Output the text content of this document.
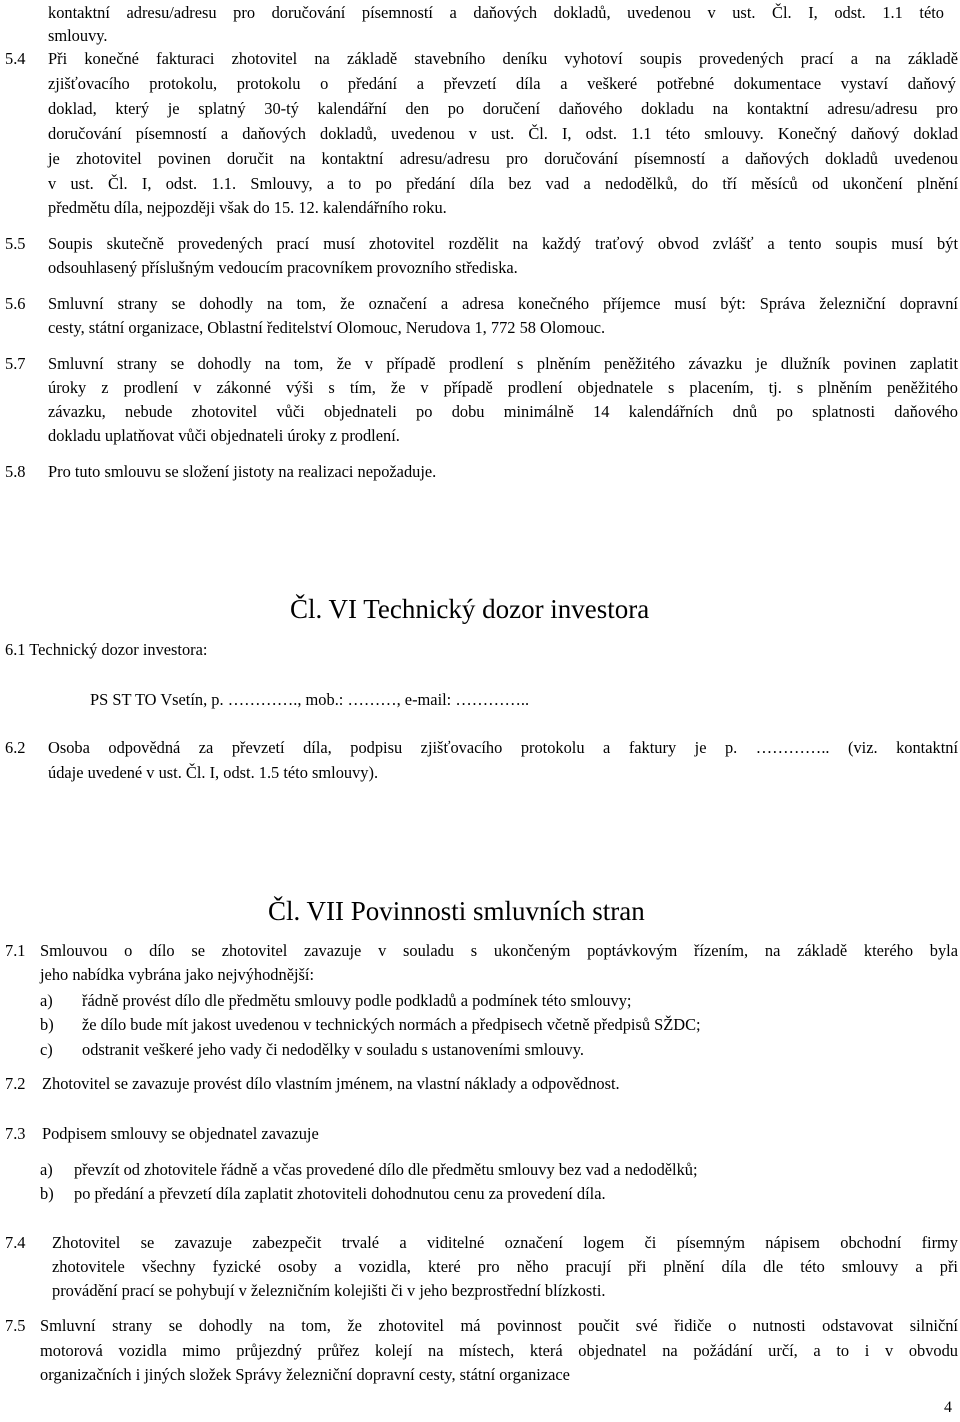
kontaktní adresu/adresu pro doručování písemností a daňových dokladů, uvedenou v ust. Čl. I, odst. 1.1 této
smlouvy.
5.4 Při konečné fakturaci zhotovitel na základě stavebního deníku vyhotoví soupis provedených prací a na základě
zjišťovacího protokolu, protokolu o předání a převzetí díla a veškeré potřebné dokumentace vystaví daňový
doklad, který je splatný 30-tý kalendářní den po doručení daňového dokladu na kontaktní adresu/adresu pro
doručování písemností a daňových dokladů, uvedenou v ust. Čl. I, odst. 1.1 této smlouvy. Konečný daňový doklad
je zhotovitel povinen doručit na kontaktní adresu/adresu pro doručování písemností a daňových dokladů uvedenou
v ust. Čl. I, odst. 1.1. Smlouvy, a to po předání díla bez vad a nedodělků, do tří měsíců od ukončení plnění
předmětu díla, nejpozději však do 15. 12. kalendářního roku.
5.5 Soupis skutečně provedených prací musí zhotovitel rozdělit na každý traťový obvod zvlášť a tento soupis musí být
odsouhlasený příslušným vedoucím pracovníkem provozního střediska.
5.6 Smluvní strany se dohodly na tom, že označení a adresa konečného příjemce musí být: Správa železniční dopravní
cesty, státní organizace, Oblastní ředitelství Olomouc, Nerudova 1, 772 58 Olomouc.
5.7 Smluvní strany se dohodly na tom, že v případě prodlení s plněním peněžitého závazku je dlužník povinen zaplatit
úroky z prodlení v zákonné výši s tím, že v případě prodlení objednatele s placením, tj. s plněním peněžitého
závazku, nebude zhotovitel vůči objednateli po dobu minimálně 14 kalendářních dnů po splatnosti daňového
dokladu uplatňovat vůči objednateli úroky z prodlení.
5.8 Pro tuto smlouvu se složení jistoty na realizaci nepožaduje.
Čl. VI Technický dozor investora
6.1 Technický dozor investora:
PS ST TO Vsetín, p. …………., mob.: ………, e-mail: …………..
6.2 Osoba odpovědná za převzetí díla, podpisu zjišťovacího protokolu a faktury je p. ………….. (viz. kontaktní
údaje uvedené v ust. Čl. I, odst. 1.5 této smlouvy).
Čl. VII Povinnosti smluvních stran
7.1 Smlouvou o dílo se zhotovitel zavazuje v souladu s ukončeným poptávkovým řízením, na základě kterého byla
jeho nabídka vybrána jako nejvýhodnější:
a) řádně provést dílo dle předmětu smlouvy podle podkladů a podmínek této smlouvy;
b) že dílo bude mít jakost uvedenou v technických normách a předpisech včetně předpisů SŽDC;
c) odstranit veškeré jeho vady či nedodělky v souladu s ustanoveními smlouvy.
7.2 Zhotovitel se zavazuje provést dílo vlastním jménem, na vlastní náklady a odpovědnost.
7.3 Podpisem smlouvy se objednatel zavazuje
a) převzít od zhotovitele řádně a včas provedené dílo dle předmětu smlouvy bez vad a nedodělků;
b) po předání a převzetí díla zaplatit zhotoviteli dohodnutou cenu za provedení díla.
7.4 Zhotovitel se zavazuje zabezpečit trvalé a viditelné označení logem či písemným nápisem obchodní firmy
zhotovitele všechny fyzické osoby a vozidla, které pro něho pracují při plnění díla dle této smlouvy a při
provádění prací se pohybují v železničním kolejišti či v jeho bezprostřední blízkosti.
7.5 Smluvní strany se dohodly na tom, že zhotovitel má povinnost poučit své řidiče o nutnosti odstavovat silniční
motorová vozidla mimo průjezdný průřez kolejí na místech, která objednatel na požádání určí, a to i v obvodu
organizačních i jiných složek Správy železniční dopravní cesty, státní organizace
4
